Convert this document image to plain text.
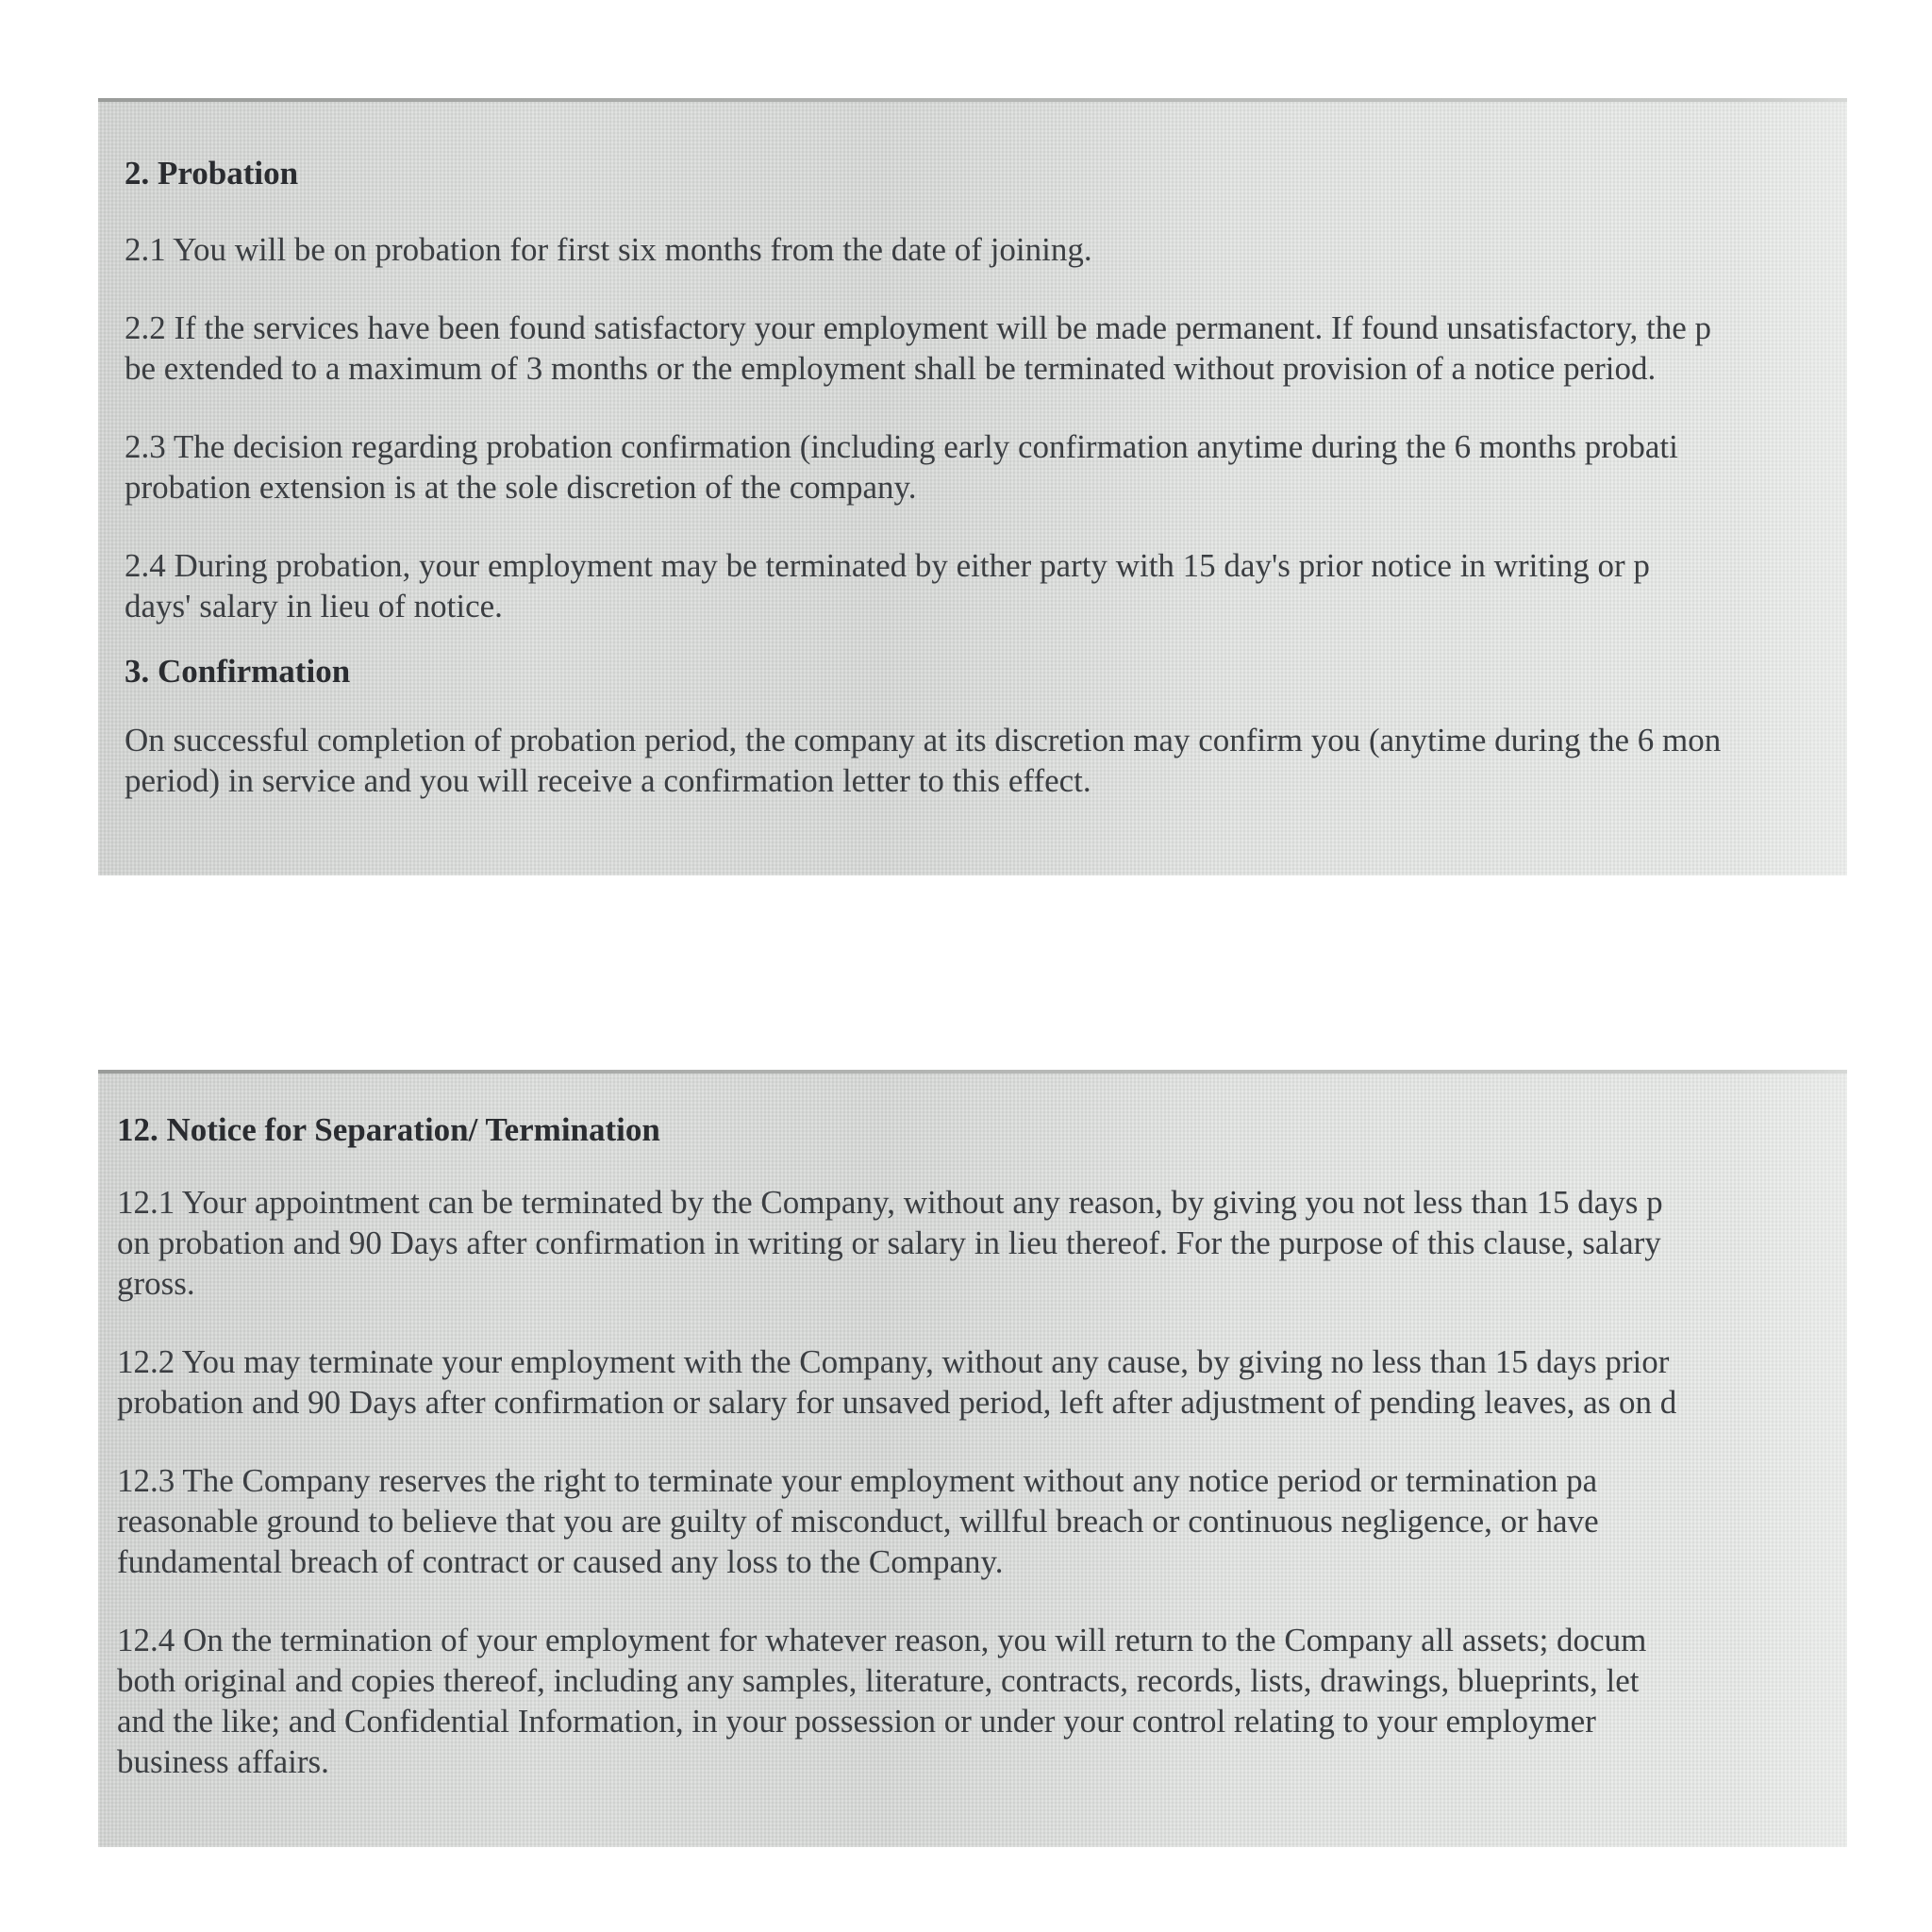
2. Probation
2.1 You will be on probation for first six months from the date of joining.
2.2 If the services have been found satisfactory your employment will be made permanent. If found unsatisfactory, the p
be extended to a maximum of 3 months or the employment shall be terminated without provision of a notice period.
2.3 The decision regarding probation confirmation (including early confirmation anytime during the 6 months probati
probation extension is at the sole discretion of the company.
2.4 During probation, your employment may be terminated by either party with 15 day's prior notice in writing or p
days' salary in lieu of notice.
3. Confirmation
On successful completion of probation period, the company at its discretion may confirm you (anytime during the 6 mon
period) in service and you will receive a confirmation letter to this effect.
12. Notice for Separation/ Termination
12.1 Your appointment can be terminated by the Company, without any reason, by giving you not less than 15 days p
on probation and 90 Days after confirmation in writing or salary in lieu thereof. For the purpose of this clause, salary
gross.
12.2 You may terminate your employment with the Company, without any cause, by giving no less than 15 days prior
probation and 90 Days after confirmation or salary for unsaved period, left after adjustment of pending leaves, as on d
12.3 The Company reserves the right to terminate your employment without any notice period or termination pa
reasonable ground to believe that you are guilty of misconduct, willful breach or continuous negligence, or have
fundamental breach of contract or caused any loss to the Company.
12.4 On the termination of your employment for whatever reason, you will return to the Company all assets; docum
both original and copies thereof, including any samples, literature, contracts, records, lists, drawings, blueprints, let
and the like; and Confidential Information, in your possession or under your control relating to your employmer
business affairs.
